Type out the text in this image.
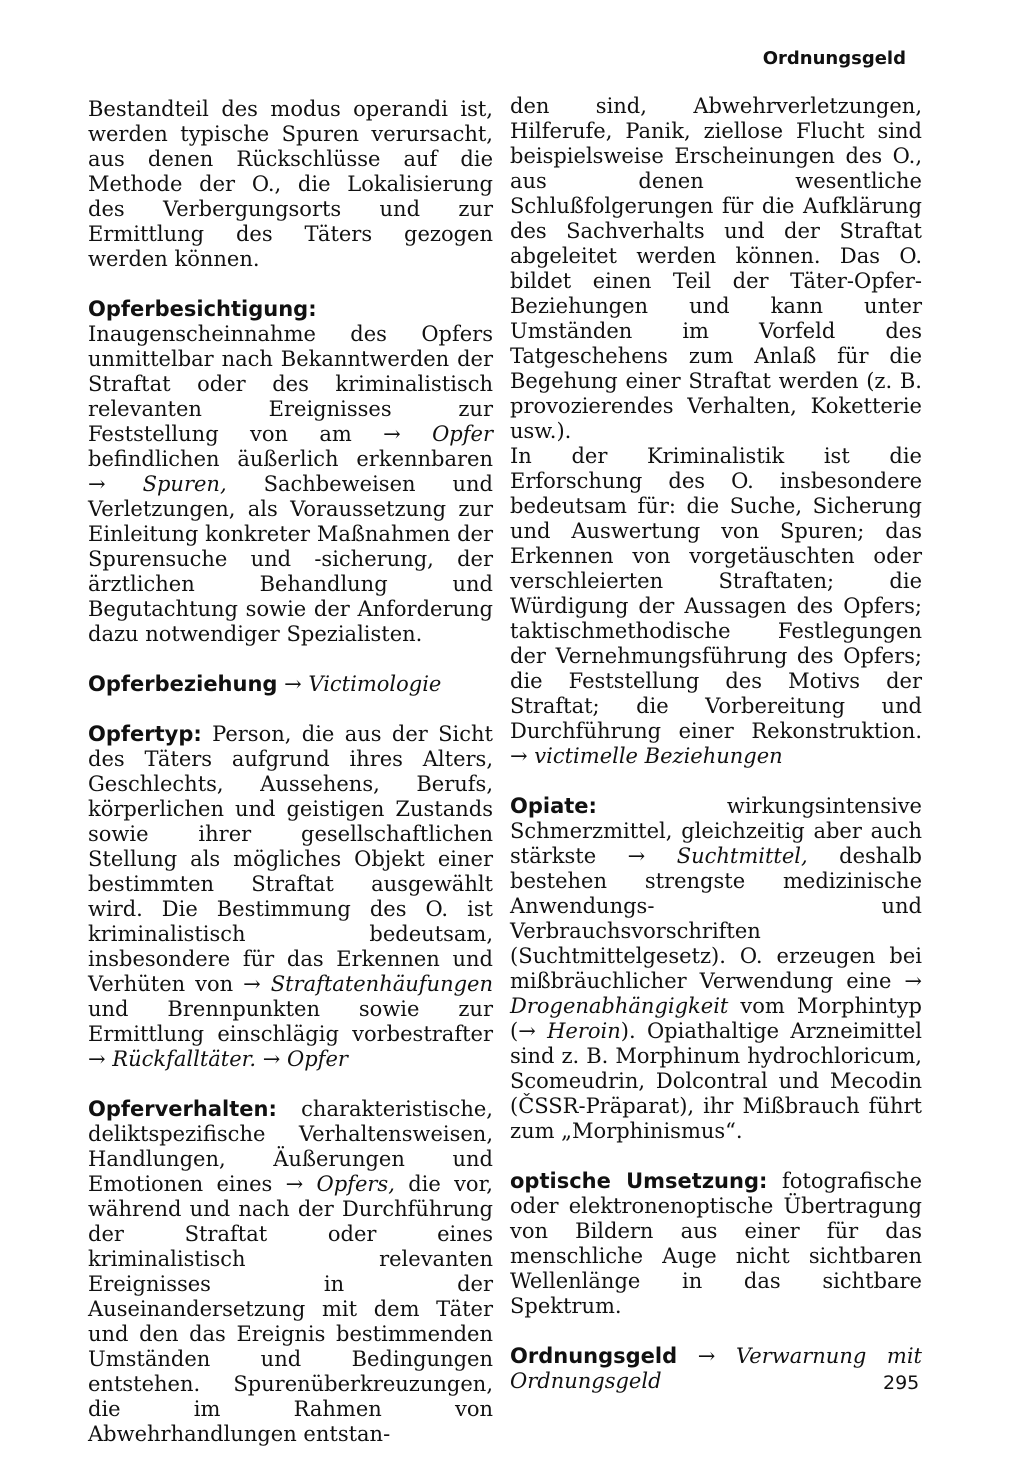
Ordnungsgeld

Bestandteil des modus operandi ist, werden typische Spuren verursacht, aus denen Rückschlüsse auf die Methode der O., die Lokalisierung des Verbergungsorts und zur Ermittlung des Täters gezogen werden können.

Opferbesichtigung: Inaugenscheinnahme des Opfers unmittelbar nach Bekanntwerden der Straftat oder des kriminalistisch relevanten Ereignisses zur Feststellung von am → Opfer befindlichen äußerlich erkennbaren → Spuren, Sachbeweisen und Verletzungen, als Voraussetzung zur Einleitung konkreter Maßnahmen der Spurensuche und -sicherung, der ärztlichen Behandlung und Begutachtung sowie der Anforderung dazu notwendiger Spezialisten.

Opferbeziehung → Victimologie

Opfertyp: Person, die aus der Sicht des Täters aufgrund ihres Alters, Geschlechts, Aussehens, Berufs, körperlichen und geistigen Zustands sowie ihrer gesellschaftlichen Stellung als mögliches Objekt einer bestimmten Straftat ausgewählt wird. Die Bestimmung des O. ist kriminalistisch bedeutsam, insbesondere für das Erkennen und Verhüten von → Straftatenhäufungen und Brennpunkten sowie zur Ermittlung einschlägig vorbestrafter → Rückfalltäter. → Opfer

Opferverhalten: charakteristische, deliktspezifische Verhaltensweisen, Handlungen, Äußerungen und Emotionen eines → Opfers, die vor, während und nach der Durchführung der Straftat oder eines kriminalistisch relevanten Ereignisses in der Auseinandersetzung mit dem Täter und den das Ereignis bestimmenden Umständen und Bedingungen entstehen. Spurenüberkreuzungen, die im Rahmen von Abwehrhandlungen entstan-

den sind, Abwehrverletzungen, Hilferufe, Panik, ziellose Flucht sind beispielsweise Erscheinungen des O., aus denen wesentliche Schlußfolgerungen für die Aufklärung des Sachverhalts und der Straftat abgeleitet werden können. Das O. bildet einen Teil der Täter-Opfer-Beziehungen und kann unter Umständen im Vorfeld des Tatgeschehens zum Anlaß für die Begehung einer Straftat werden (z. B. provozierendes Verhalten, Koketterie usw.).

In der Kriminalistik ist die Erforschung des O. insbesondere bedeutsam für: die Suche, Sicherung und Auswertung von Spuren; das Erkennen von vorgetäuschten oder verschleierten Straftaten; die Würdigung der Aussagen des Opfers; taktischmethodische Festlegungen der Vernehmungsführung des Opfers; die Feststellung des Motivs der Straftat; die Vorbereitung und Durchführung einer Rekonstruktion. → victimelle Beziehungen

Opiate: wirkungsintensive Schmerzmittel, gleichzeitig aber auch stärkste → Suchtmittel, deshalb bestehen strengste medizinische Anwendungs- und Verbrauchsvorschriften (Suchtmittelgesetz). O. erzeugen bei mißbräuchlicher Verwendung eine → Drogenabhängigkeit vom Morphintyp (→ Heroin). Opiathaltige Arzneimittel sind z. B. Morphinum hydrochloricum, Scomeudrin, Dolcontral und Mecodin (ČSSR-Präparat), ihr Mißbrauch führt zum „Morphinismus“.

optische Umsetzung: fotografische oder elektronenoptische Übertragung von Bildern aus einer für das menschliche Auge nicht sichtbaren Wellenlänge in das sichtbare Spektrum.

Ordnungsgeld → Verwarnung mit Ordnungsgeld	295
